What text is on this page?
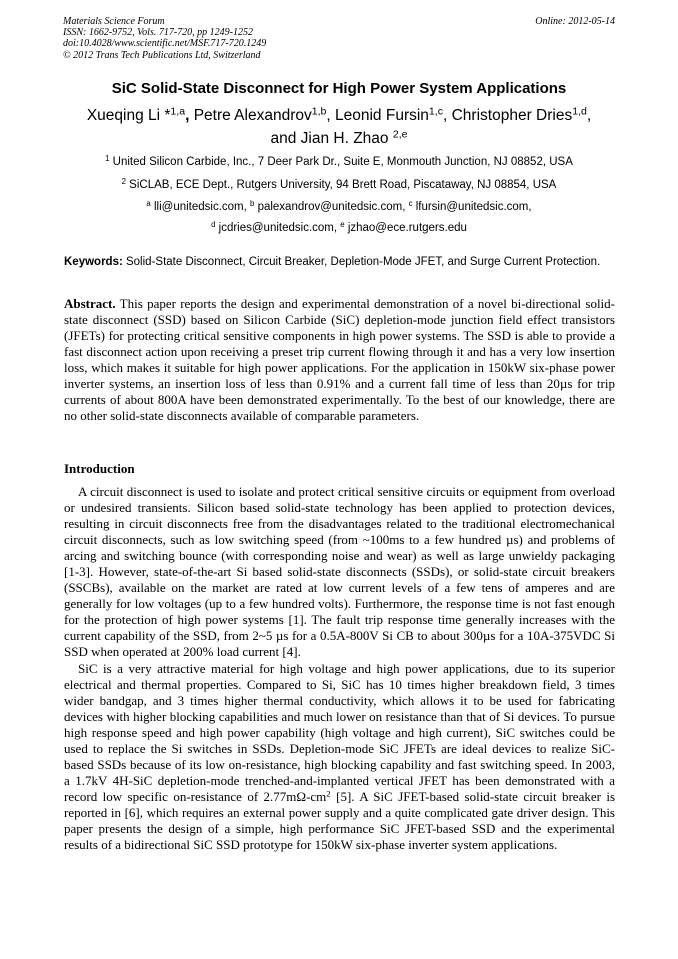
Materials Science Forum
ISSN: 1662-9752, Vols. 717-720, pp 1249-1252
doi:10.4028/www.scientific.net/MSF.717-720.1249
© 2012 Trans Tech Publications Ltd, Switzerland
Online: 2012-05-14
SiC Solid-State Disconnect for High Power System Applications
Xueqing Li *$^{1,a}$, Petre Alexandrov$^{1,b}$, Leonid Fursin$^{1,c}$, Christopher Dries$^{1,d}$,
and Jian H. Zhao $^{2,e}$
$^1$ United Silicon Carbide, Inc., 7 Deer Park Dr., Suite E, Monmouth Junction, NJ 08852, USA
$^2$ SiCLAB, ECE Dept., Rutgers University, 94 Brett Road, Piscataway, NJ 08854, USA
$^a$ lli@unitedsic.com, $^b$ palexandrov@unitedsic.com, $^c$ lfursin@unitedsic.com,
$^d$ jcdries@unitedsic.com, $^e$ jzhao@ece.rutgers.edu
Keywords: Solid-State Disconnect, Circuit Breaker, Depletion-Mode JFET, and Surge Current Protection.
Abstract. This paper reports the design and experimental demonstration of a novel bi-directional solid-state disconnect (SSD) based on Silicon Carbide (SiC) depletion-mode junction field effect transistors (JFETs) for protecting critical sensitive components in high power systems. The SSD is able to provide a fast disconnect action upon receiving a preset trip current flowing through it and has a very low insertion loss, which makes it suitable for high power applications. For the application in 150kW six-phase power inverter systems, an insertion loss of less than 0.91% and a current fall time of less than 20µs for trip currents of about 800A have been demonstrated experimentally. To the best of our knowledge, there are no other solid-state disconnects available of comparable parameters.
Introduction
A circuit disconnect is used to isolate and protect critical sensitive circuits or equipment from overload or undesired transients. Silicon based solid-state technology has been applied to protection devices, resulting in circuit disconnects free from the disadvantages related to the traditional electromechanical circuit disconnects, such as low switching speed (from ~100ms to a few hundred µs) and problems of arcing and switching bounce (with corresponding noise and wear) as well as large unwieldy packaging [1-3]. However, state-of-the-art Si based solid-state disconnects (SSDs), or solid-state circuit breakers (SSCBs), available on the market are rated at low current levels of a few tens of amperes and are generally for low voltages (up to a few hundred volts). Furthermore, the response time is not fast enough for the protection of high power systems [1]. The fault trip response time generally increases with the current capability of the SSD, from 2~5 µs for a 0.5A-800V Si CB to about 300µs for a 10A-375VDC Si SSD when operated at 200% load current [4].
SiC is a very attractive material for high voltage and high power applications, due to its superior electrical and thermal properties. Compared to Si, SiC has 10 times higher breakdown field, 3 times wider bandgap, and 3 times higher thermal conductivity, which allows it to be used for fabricating devices with higher blocking capabilities and much lower on resistance than that of Si devices. To pursue high response speed and high power capability (high voltage and high current), SiC switches could be used to replace the Si switches in SSDs. Depletion-mode SiC JFETs are ideal devices to realize SiC-based SSDs because of its low on-resistance, high blocking capability and fast switching speed. In 2003, a 1.7kV 4H-SiC depletion-mode trenched-and-implanted vertical JFET has been demonstrated with a record low specific on-resistance of $2.77m\Omega-cm^2$ [5]. A SiC JFET-based solid-state circuit breaker is reported in [6], which requires an external power supply and a quite complicated gate driver design. This paper presents the design of a simple, high performance SiC JFET-based SSD and the experimental results of a bidirectional SiC SSD prototype for 150kW six-phase inverter system applications.
